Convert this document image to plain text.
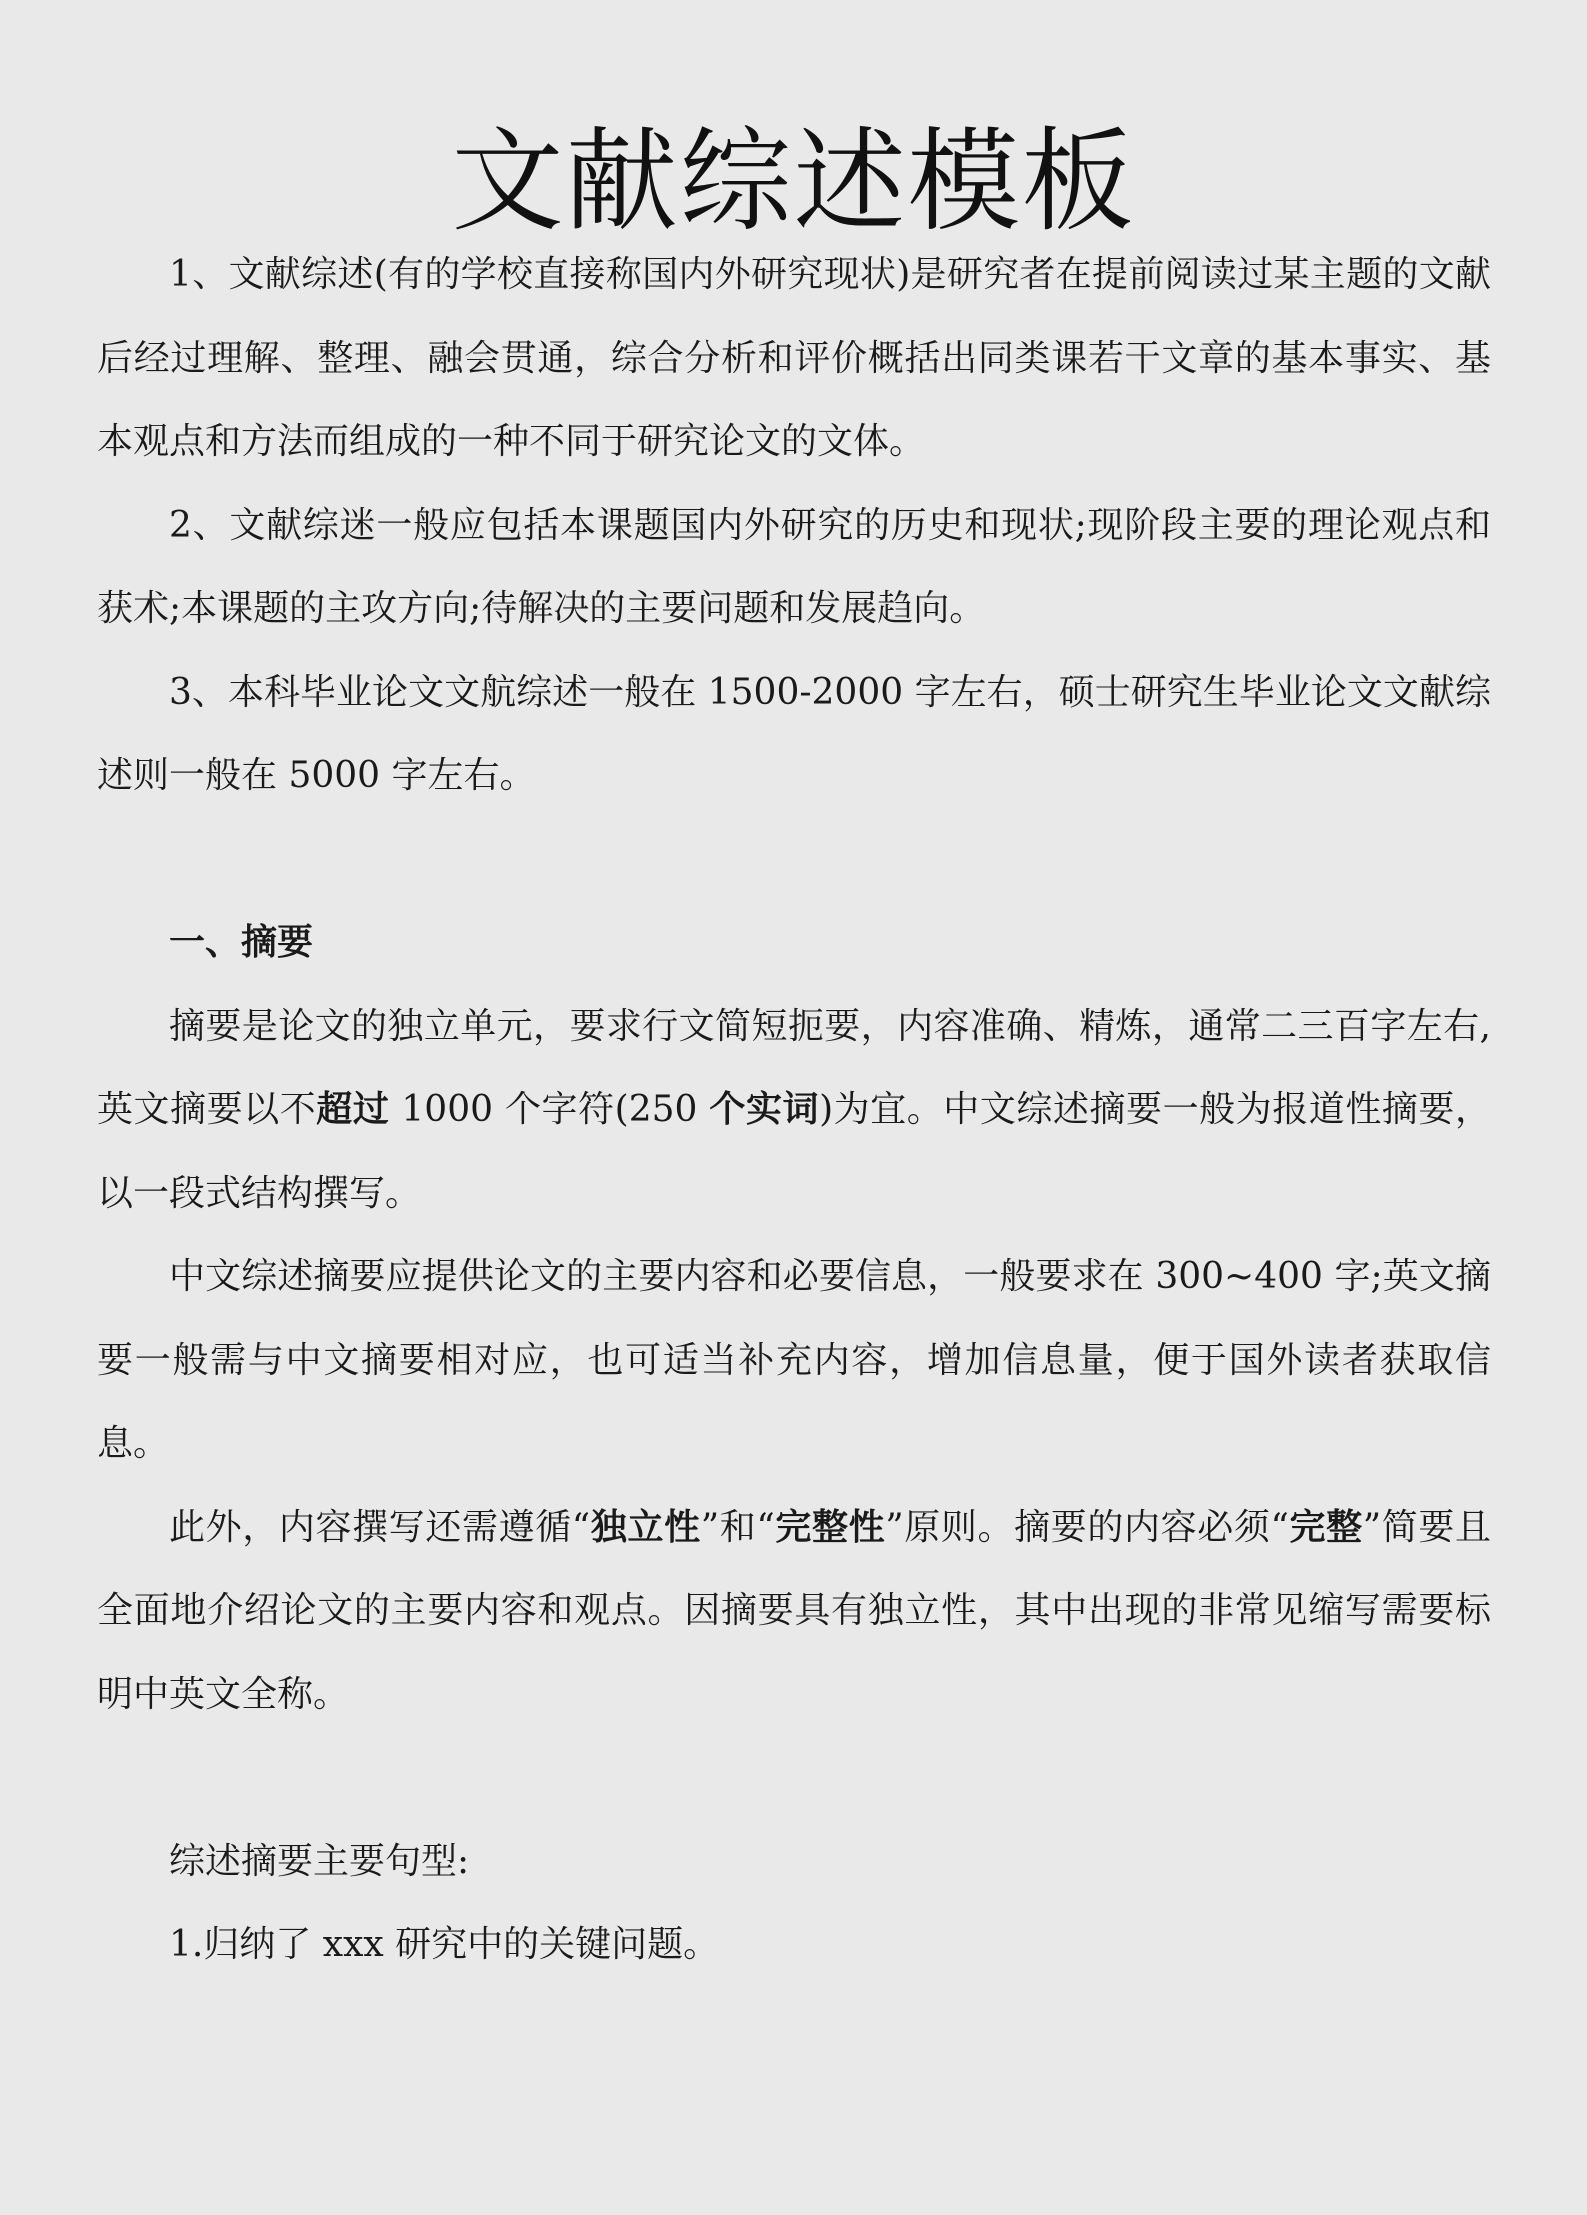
文献综述模板

1、文献综述(有的学校直接称国内外研究现状)是研究者在提前阅读过某主题的文献后经过理解、整理、融会贯通，综合分析和评价概括出同类课若干文章的基本事实、基本观点和方法而组成的一种不同于研究论文的文体。

2、文献综迷一般应包括本课题国内外研究的历史和现状;现阶段主要的理论观点和获术;本课题的主攻方向;待解决的主要问题和发展趋向。

3、本科毕业论文文航综述一般在 1500-2000 字左右，硕士研究生毕业论文文献综述则一般在 5000 字左右。

一、摘要

摘要是论文的独立单元，要求行文简短扼要，内容准确、精炼，通常二三百字左右,英文摘要以不超过 1000 个字符(250 个实词)为宜。中文综述摘要一般为报道性摘要，以一段式结构撰写。

中文综述摘要应提供论文的主要内容和必要信息，一般要求在 300~400 字;英文摘要一般需与中文摘要相对应，也可适当补充内容，增加信息量，便于国外读者获取信息。

此外，内容撰写还需遵循“独立性”和“完整性”原则。摘要的内容必须“完整”简要且全面地介绍论文的主要内容和观点。因摘要具有独立性，其中出现的非常见缩写需要标明中英文全称。

综述摘要主要句型:

1.归纳了 xxx 研究中的关键问题。
